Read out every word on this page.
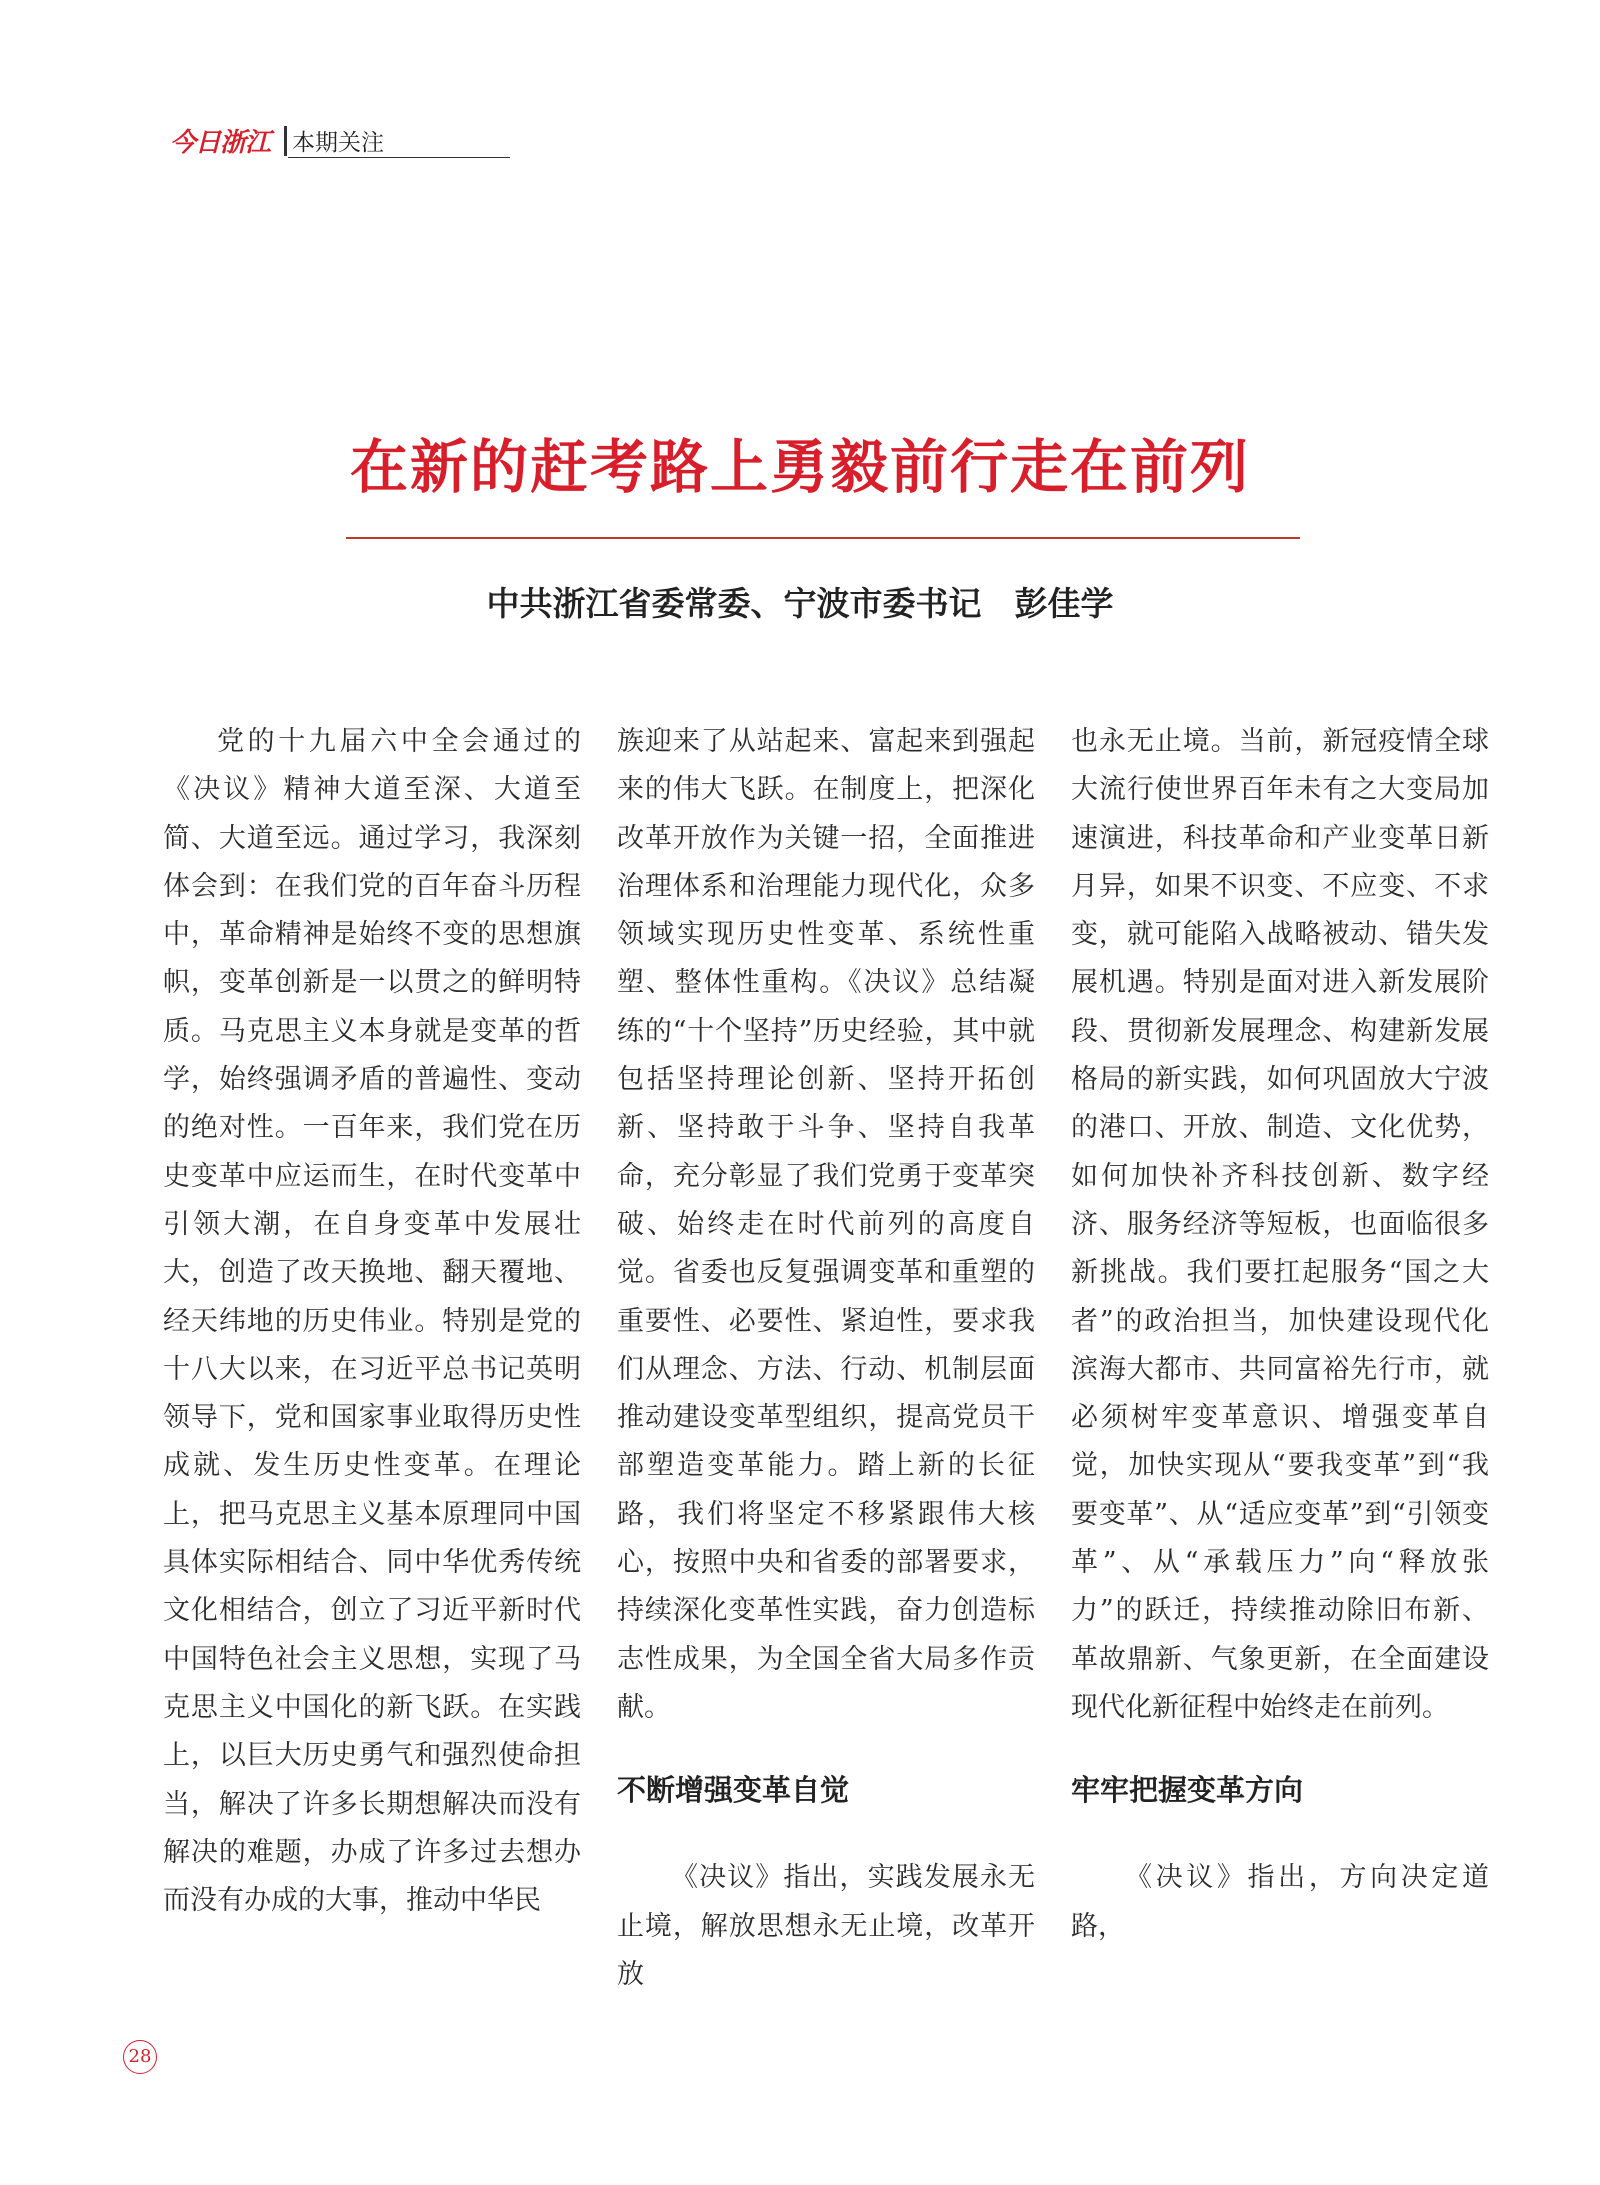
今日浙江 本期关注
在新的赶考路上勇毅前行走在前列
中共浙江省委常委、宁波市委书记　彭佳学

党的十九届六中全会通过的《决议》精神大道至深、大道至简、大道至远。通过学习，我深刻体会到：在我们党的百年奋斗历程中，革命精神是始终不变的思想旗帜，变革创新是一以贯之的鲜明特质。马克思主义本身就是变革的哲学，始终强调矛盾的普遍性、变动的绝对性。一百年来，我们党在历史变革中应运而生，在时代变革中引领大潮，在自身变革中发展壮大，创造了改天换地、翻天覆地、经天纬地的历史伟业。特别是党的十八大以来，在习近平总书记英明领导下，党和国家事业取得历史性成就、发生历史性变革。在理论上，把马克思主义基本原理同中国具体实际相结合、同中华优秀传统文化相结合，创立了习近平新时代中国特色社会主义思想，实现了马克思主义中国化的新飞跃。在实践上，以巨大历史勇气和强烈使命担当，解决了许多长期想解决而没有解决的难题，办成了许多过去想办而没有办成的大事，推动中华民

族迎来了从站起来、富起来到强起来的伟大飞跃。在制度上，把深化改革开放作为关键一招，全面推进治理体系和治理能力现代化，众多领域实现历史性变革、系统性重塑、整体性重构。《决议》总结凝练的“十个坚持”历史经验，其中就包括坚持理论创新、坚持开拓创新、坚持敢于斗争、坚持自我革命，充分彰显了我们党勇于变革突破、始终走在时代前列的高度自觉。省委也反复强调变革和重塑的重要性、必要性、紧迫性，要求我们从理念、方法、行动、机制层面推动建设变革型组织，提高党员干部塑造变革能力。踏上新的长征路，我们将坚定不移紧跟伟大核心，按照中央和省委的部署要求，持续深化变革性实践，奋力创造标志性成果，为全国全省大局多作贡献。

不断增强变革自觉

《决议》指出，实践发展永无止境，解放思想永无止境，改革开放

也永无止境。当前，新冠疫情全球大流行使世界百年未有之大变局加速演进，科技革命和产业变革日新月异，如果不识变、不应变、不求变，就可能陷入战略被动、错失发展机遇。特别是面对进入新发展阶段、贯彻新发展理念、构建新发展格局的新实践，如何巩固放大宁波的港口、开放、制造、文化优势，如何加快补齐科技创新、数字经济、服务经济等短板，也面临很多新挑战。我们要扛起服务“国之大者”的政治担当，加快建设现代化滨海大都市、共同富裕先行市，就必须树牢变革意识、增强变革自觉，加快实现从“要我变革”到“我要变革”、从“适应变革”到“引领变革”、从“承载压力”向“释放张力”的跃迁，持续推动除旧布新、革故鼎新、气象更新，在全面建设现代化新征程中始终走在前列。

牢牢把握变革方向

《决议》指出，方向决定道路，

28
